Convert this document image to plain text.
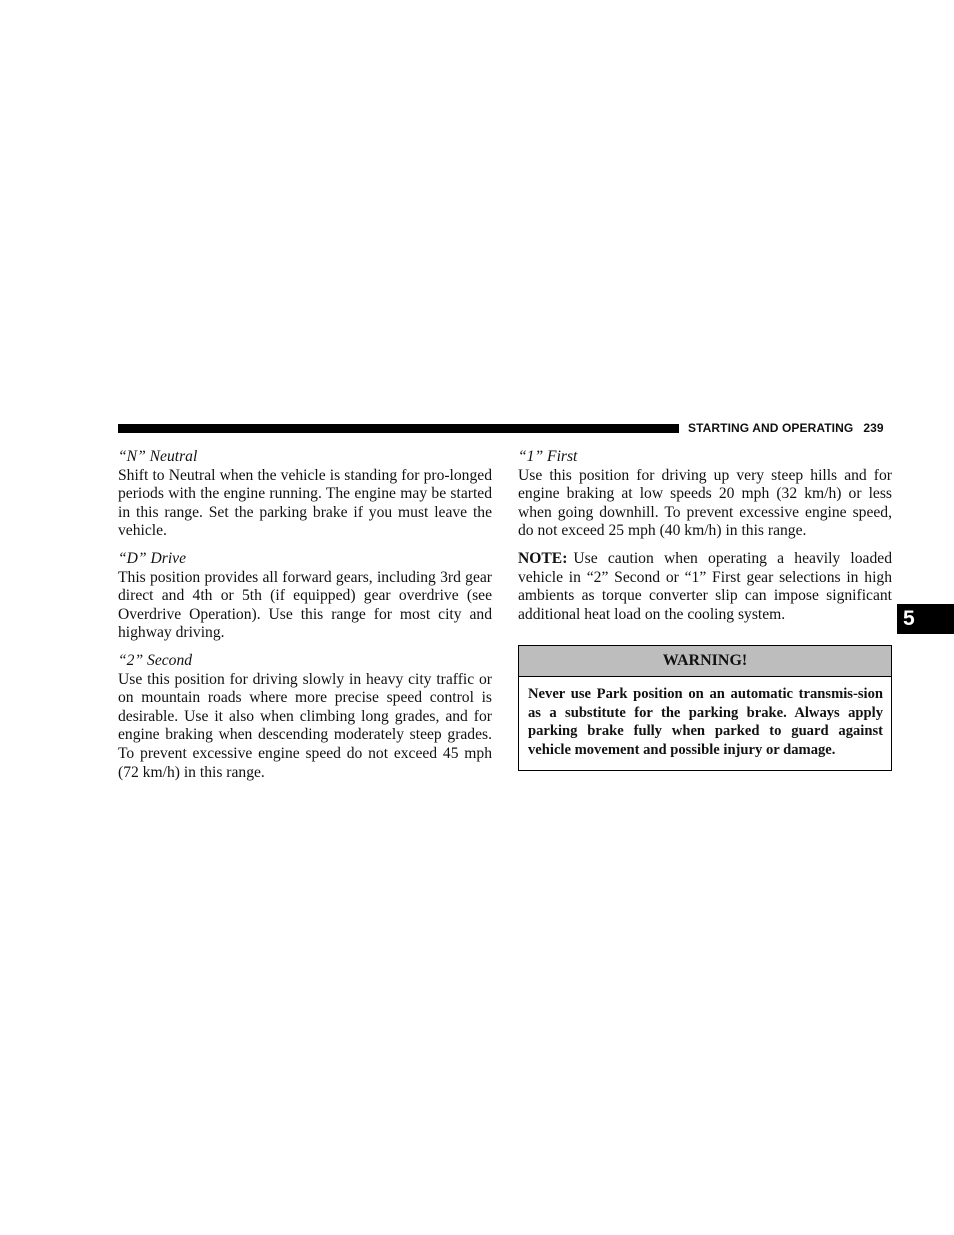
STARTING AND OPERATING 239
5

“N” Neutral

Shift to Neutral when the vehicle is standing for pro-longed periods with the engine running. The engine may be started in this range. Set the parking brake if you must leave the vehicle.

“D” Drive

This position provides all forward gears, including 3rd gear direct and 4th or 5th (if equipped) gear overdrive (see Overdrive Operation). Use this range for most city and highway driving.

“2” Second

Use this position for driving slowly in heavy city traffic or on mountain roads where more precise speed control is desirable. Use it also when climbing long grades, and for engine braking when descending moderately steep grades. To prevent excessive engine speed do not exceed 45 mph (72 km/h) in this range.

“1” First

Use this position for driving up very steep hills and for engine braking at low speeds 20 mph (32 km/h) or less when going downhill. To prevent excessive engine speed, do not exceed 25 mph (40 km/h) in this range.

NOTE: Use caution when operating a heavily loaded vehicle in “2” Second or “1” First gear selections in high ambients as torque converter slip can impose significant additional heat load on the cooling system.

WARNING!
Never use Park position on an automatic transmis-sion as a substitute for the parking brake. Always apply parking brake fully when parked to guard against vehicle movement and possible injury or damage.
